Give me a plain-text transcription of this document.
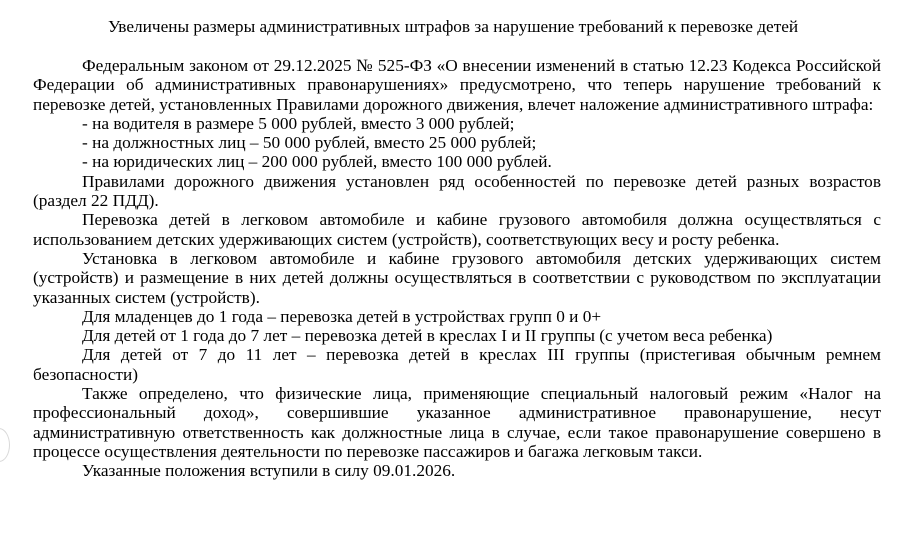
Увеличены размеры административных штрафов за нарушение требований к перевозке детей

Федеральным законом от 29.12.2025 № 525-ФЗ «О внесении изменений в статью 12.23 Кодекса Российской Федерации об административных правонарушениях» предусмотрено, что теперь нарушение требований к перевозке детей, установленных Правилами дорожного движения, влечет наложение административного штрафа:

- на водителя в размере 5 000 рублей, вместо 3 000 рублей;
- на должностных лиц – 50 000 рублей, вместо 25 000 рублей;
- на юридических лиц – 200 000 рублей, вместо 100 000 рублей.

Правилами дорожного движения установлен ряд особенностей по перевозке детей разных возрастов (раздел 22 ПДД).

Перевозка детей в легковом автомобиле и кабине грузового автомобиля должна осуществляться с использованием детских удерживающих систем (устройств), соответствующих весу и росту ребенка.

Установка в легковом автомобиле и кабине грузового автомобиля детских удерживающих систем (устройств) и размещение в них детей должны осуществляться в соответствии с руководством по эксплуатации указанных систем (устройств).

Для младенцев до 1 года – перевозка детей в устройствах групп 0 и 0+

Для детей от 1 года до 7 лет – перевозка детей в креслах I и II группы (с учетом веса ребенка)

Для детей от 7 до 11 лет – перевозка детей в креслах III группы (пристегивая обычным ремнем безопасности)

Также определено, что физические лица, применяющие специальный налоговый режим «Налог на профессиональный доход», совершившие указанное административное правонарушение, несут административную ответственность как должностные лица в случае, если такое правонарушение совершено в процессе осуществления деятельности по перевозке пассажиров и багажа легковым такси.

Указанные положения вступили в силу 09.01.2026.
